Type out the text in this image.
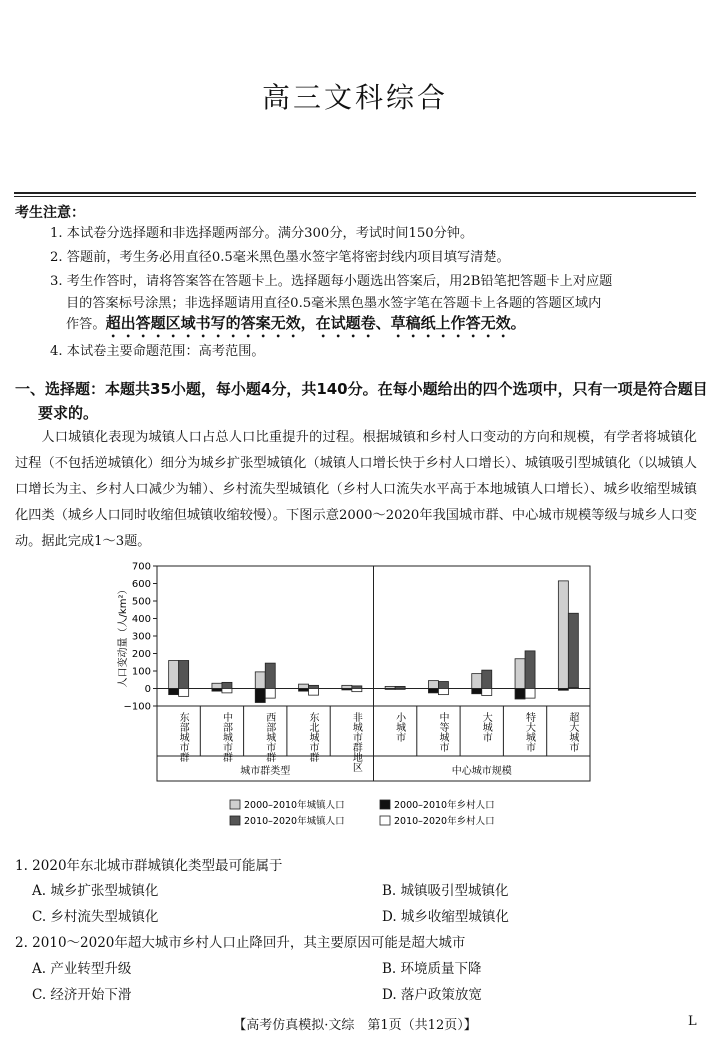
高三文科综合
考生注意：
1. 本试卷分选择题和非选择题两部分。满分300分，考试时间150分钟。
2. 答题前，考生务必用直径0.5毫米黑色墨水签字笔将密封线内项目填写清楚。
3. 考生作答时，请将答案答在答题卡上。选择题每小题选出答案后，用2B铅笔把答题卡上对应题
目的答案标号涂黑；非选择题请用直径0.5毫米黑色墨水签字笔在答题卡上各题的答题区域内
作答。超出答题区域书写的答案无效，在试题卷、草稿纸上作答无效。
4. 本试卷主要命题范围：高考范围。
一、选择题：本题共35小题，每小题4分，共140分。在每小题给出的四个选项中，只有一项是符合题目
要求的。
人口城镇化表现为城镇人口占总人口比重提升的过程。根据城镇和乡村人口变动的方向和规模，有学者将城镇化过程（不包括逆城镇化）细分为城乡扩张型城镇化（城镇人口增长快于乡村人口增长）、城镇吸引型城镇化（以城镇人口增长为主、乡村人口减少为辅）、乡村流失型城镇化（乡村人口流失水平高于本地城镇人口增长）、城乡收缩型城镇化四类（城乡人口同时收缩但城镇收缩较慢）。下图示意2000～2020年我国城市群、中心城市规模等级与城乡人口变动。据此完成1～3题。
700
600
500
400
300
200
100
0
−100
人口变动量（人/km²）
东部城市群	中部城市群	西部城市群	东北城市群	非城市群地区	小城市	中等城市	大城市	特大城市	超大城市
城市群类型	中心城市规模
2000–2010年城镇人口	2000–2010年乡村人口
2010–2020年城镇人口	2010–2020年乡村人口
1. 2020年东北城市群城镇化类型最可能属于
A. 城乡扩张型城镇化	B. 城镇吸引型城镇化
C. 乡村流失型城镇化	D. 城乡收缩型城镇化
2. 2010～2020年超大城市乡村人口止降回升，其主要原因可能是超大城市
A. 产业转型升级	B. 环境质量下降
C. 经济开始下滑	D. 落户政策放宽
【高考仿真模拟·文综　第1页（共12页）】	L
